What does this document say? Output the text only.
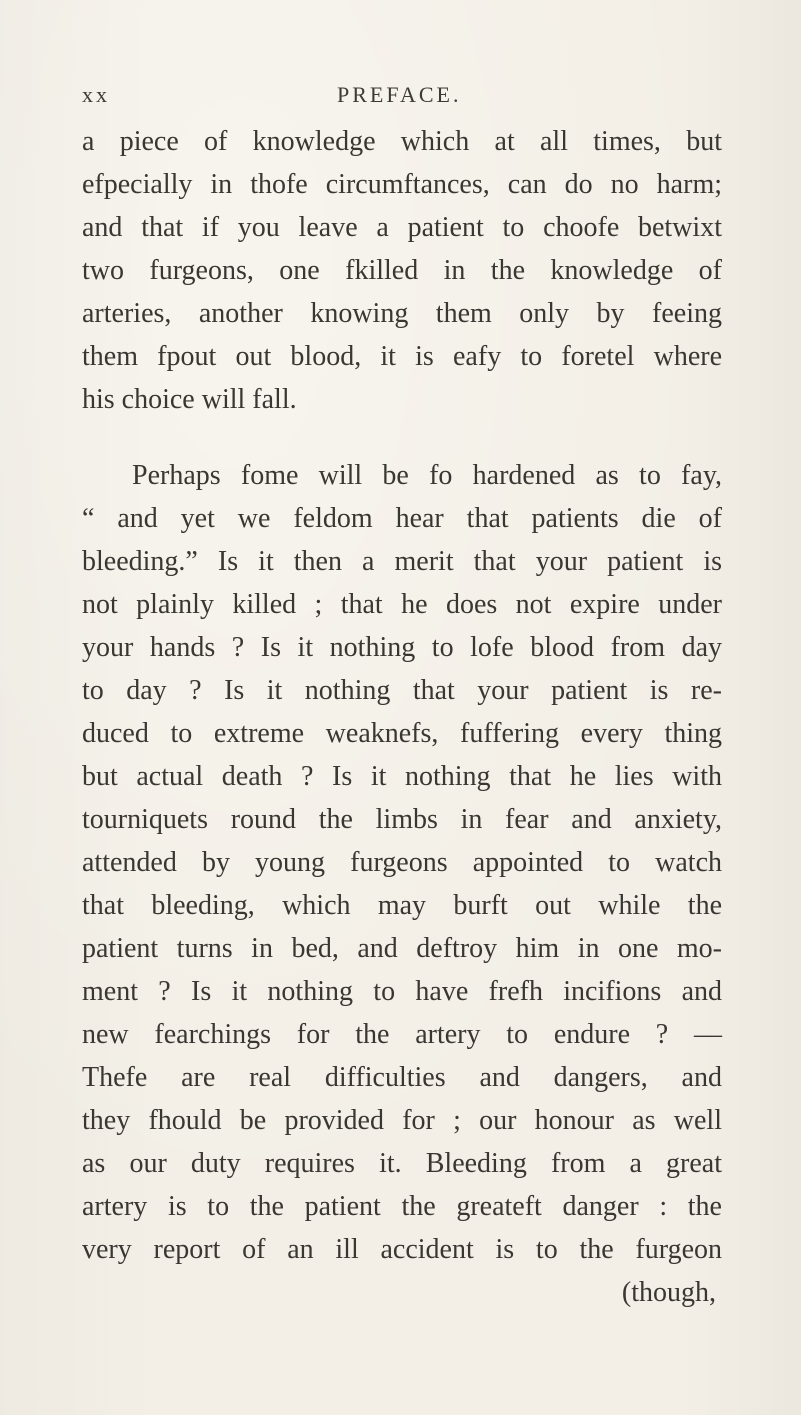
xx	PREFACE.
a piece of knowledge which at all times, but
efpecially in thofe circumftances, can do no harm;
and that if you leave a patient to choofe betwixt
two furgeons, one fkilled in the knowledge of
arteries, another knowing them only by feeing
them fpout out blood, it is eafy to foretel where
his choice will fall.
Perhaps fome will be fo hardened as to fay,
“ and yet we feldom hear that patients die of
bleeding.” Is it then a merit that your patient is
not plainly killed ; that he does not expire under
your hands ? Is it nothing to lofe blood from day
to day ? Is it nothing that your patient is re-
duced to extreme weaknefs, fuffering every thing
but actual death ? Is it nothing that he lies with
tourniquets round the limbs in fear and anxiety,
attended by young furgeons appointed to watch
that bleeding, which may burft out while the
patient turns in bed, and deftroy him in one mo-
ment ? Is it nothing to have frefh incifions and
new fearchings for the artery to endure ? —
Thefe are real difficulties and dangers, and
they fhould be provided for ; our honour as well
as our duty requires it. Bleeding from a great
artery is to the patient the greateft danger : the
very report of an ill accident is to the furgeon
(though,
